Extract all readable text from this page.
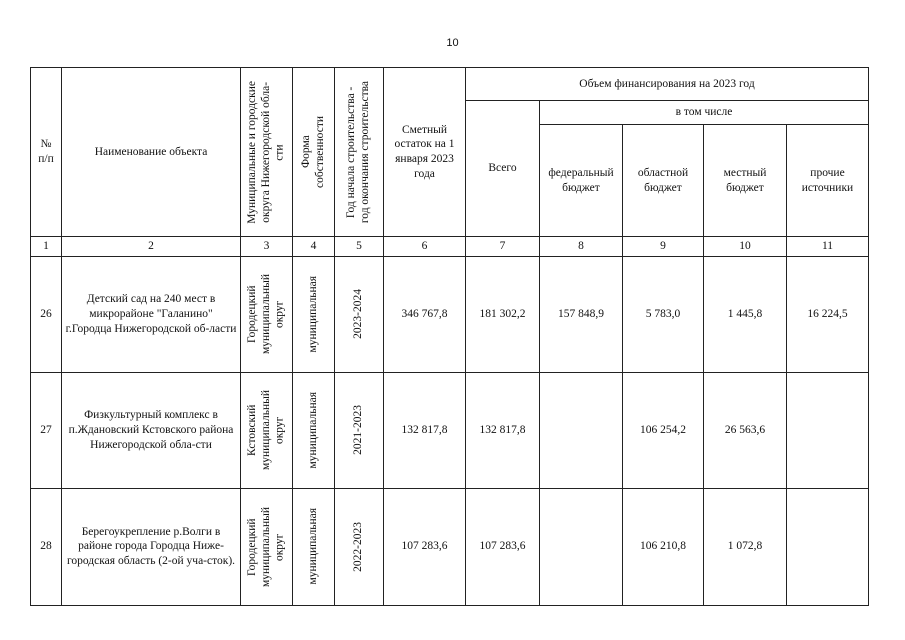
10
№
п/п	Наименование объекта	Муниципальные и городские
округа Нижегородской обла-
сти	Форма
собственности	Год начала строительства -
год окончания строительства	Сметный остаток на 1 января 2023 года	Объем финансирования на 2023 год				
						Всего	в том числе			
							федеральный бюджет	областной бюджет	местный бюджет	прочие источники
1	2	3	4	5	6	7	8	9	10	11
26	Детский сад на 240 мест в микрорайоне "Галанино" г.Городца Нижегородской об-ласти	Городецкий
муниципальный
округ	муниципальная	2023-2024	346 767,8	181 302,2	157 848,9	5 783,0	1 445,8	16 224,5
27	Физкультурный комплекс в п.Ждановский Кстовского района Нижегородской обла-сти	Кстовский
муниципальный
округ	муниципальная	2021-2023	132 817,8	132 817,8		106 254,2	26 563,6	
28	Берегоукрепление р.Волги в районе города Городца Ниже-городская область (2-ой уча-сток).	Городецкий
муниципальный
округ	муниципальная	2022-2023	107 283,6	107 283,6		106 210,8	1 072,8	
